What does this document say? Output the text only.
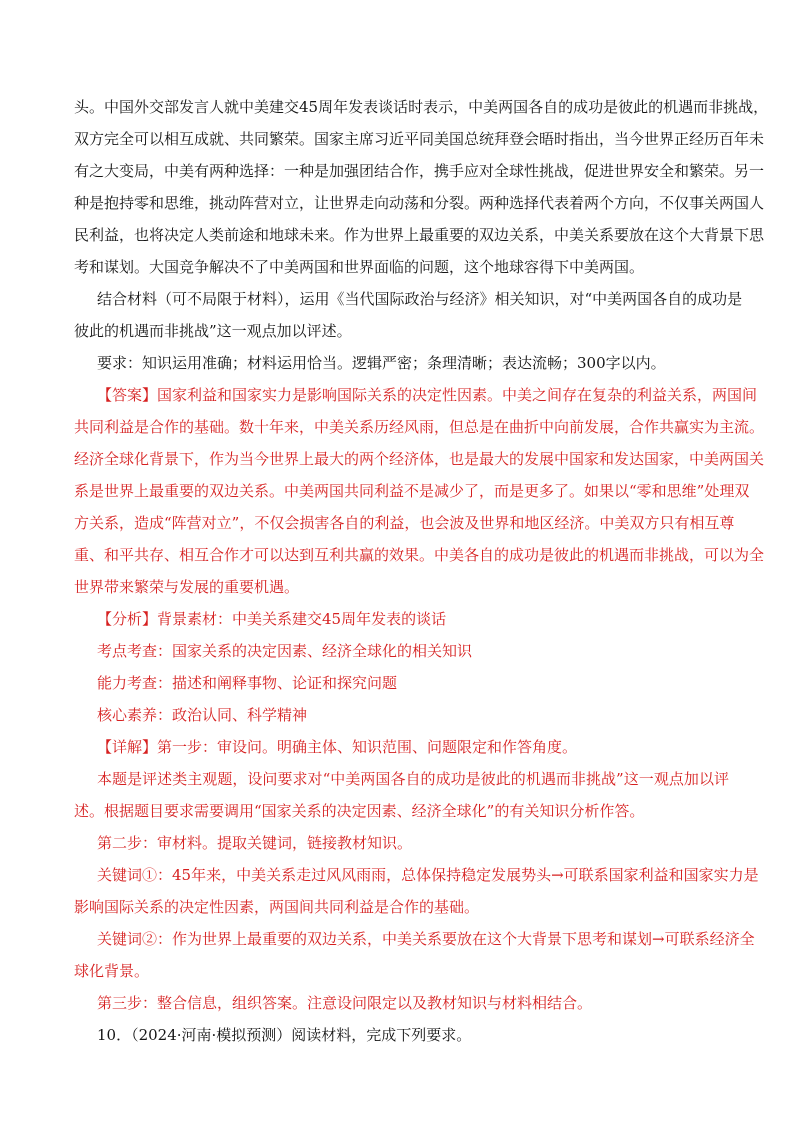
头。中国外交部发言人就中美建交45周年发表谈话时表示，中美两国各自的成功是彼此的机遇而非挑战，
双方完全可以相互成就、共同繁荣。国家主席习近平同美国总统拜登会晤时指出，当今世界正经历百年未
有之大变局，中美有两种选择：一种是加强团结合作，携手应对全球性挑战，促进世界安全和繁荣。另一
种是抱持零和思维，挑动阵营对立，让世界走向动荡和分裂。两种选择代表着两个方向，不仅事关两国人
民利益，也将决定人类前途和地球未来。作为世界上最重要的双边关系，中美关系要放在这个大背景下思
考和谋划。大国竞争解决不了中美两国和世界面临的问题，这个地球容得下中美两国。
结合材料（可不局限于材料），运用《当代国际政治与经济》相关知识，对“中美两国各自的成功是
彼此的机遇而非挑战”这一观点加以评述。
要求：知识运用准确；材料运用恰当。逻辑严密；条理清晰；表达流畅；300字以内。
【答案】国家利益和国家实力是影响国际关系的决定性因素。中美之间存在复杂的利益关系，两国间
共同利益是合作的基础。数十年来，中美关系历经风雨，但总是在曲折中向前发展，合作共赢实为主流。
经济全球化背景下，作为当今世界上最大的两个经济体，也是最大的发展中国家和发达国家，中美两国关
系是世界上最重要的双边关系。中美两国共同利益不是减少了，而是更多了。如果以“零和思维”处理双
方关系，造成“阵营对立”，不仅会损害各自的利益，也会波及世界和地区经济。中美双方只有相互尊
重、和平共存、相互合作才可以达到互利共赢的效果。中美各自的成功是彼此的机遇而非挑战，可以为全
世界带来繁荣与发展的重要机遇。
【分析】背景素材：中美关系建交45周年发表的谈话
考点考查：国家关系的决定因素、经济全球化的相关知识
能力考查：描述和阐释事物、论证和探究问题
核心素养：政治认同、科学精神
【详解】第一步：审设问。明确主体、知识范围、问题限定和作答角度。
本题是评述类主观题，设问要求对“中美两国各自的成功是彼此的机遇而非挑战”这一观点加以评
述。根据题目要求需要调用“国家关系的决定因素、经济全球化”的有关知识分析作答。
第二步：审材料。提取关键词，链接教材知识。
关键词①：45年来，中美关系走过风风雨雨，总体保持稳定发展势头→可联系国家利益和国家实力是
影响国际关系的决定性因素，两国间共同利益是合作的基础。
关键词②：作为世界上最重要的双边关系，中美关系要放在这个大背景下思考和谋划→可联系经济全
球化背景。
第三步：整合信息，组织答案。注意设问限定以及教材知识与材料相结合。
10．（2024·河南·模拟预测）阅读材料，完成下列要求。
